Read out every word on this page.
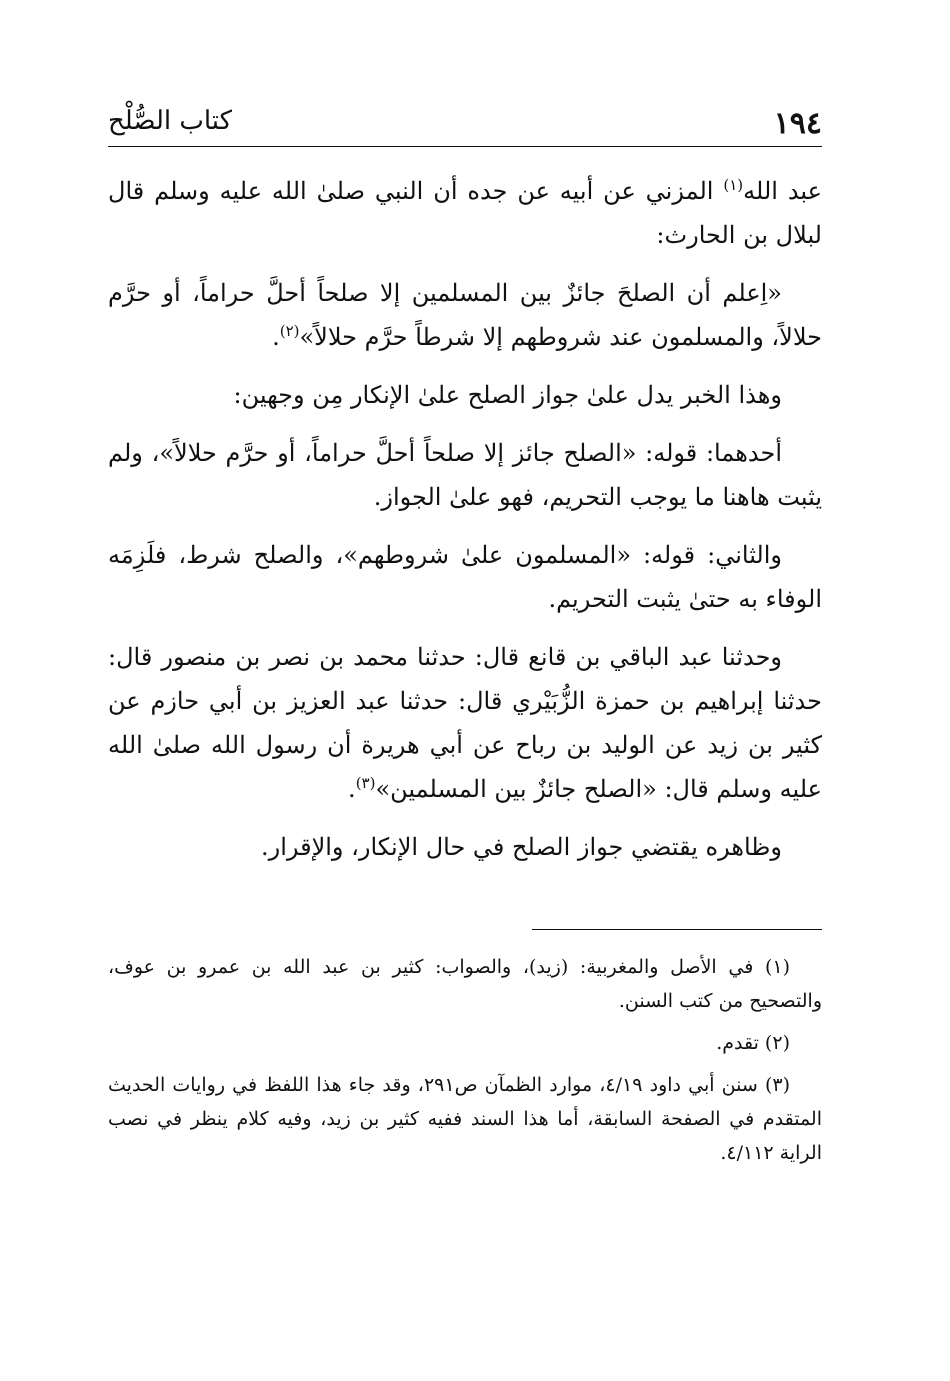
١٩٤
كتاب الصُّلْح

عبد الله$^{(١)}$ المزني عن أبيه عن جده أن النبي صلىٰ الله عليه وسلم قال لبلال بن الحارث:

«اِعلم أن الصلحَ جائزٌ بين المسلمين إلا صلحاً أحلَّ حراماً، أو حرَّم حلالاً، والمسلمون عند شروطهم إلا شرطاً حرَّم حلالاً»$^{(٢)}$.

وهذا الخبر يدل علىٰ جواز الصلح علىٰ الإنكار مِن وجهين:

أحدهما: قوله: «الصلح جائز إلا صلحاً أحلَّ حراماً، أو حرَّم حلالاً»، ولم يثبت هاهنا ما يوجب التحريم، فهو علىٰ الجواز.

والثاني: قوله: «المسلمون علىٰ شروطهم»، والصلح شرط، فلَزِمَه الوفاء به حتىٰ يثبت التحريم.

وحدثنا عبد الباقي بن قانع قال: حدثنا محمد بن نصر بن منصور قال: حدثنا إبراهيم بن حمزة الزُّبَيْري قال: حدثنا عبد العزيز بن أبي حازم عن كثير بن زيد عن الوليد بن رباح عن أبي هريرة أن رسول الله صلىٰ الله عليه وسلم قال: «الصلح جائزٌ بين المسلمين»$^{(٣)}$.

وظاهره يقتضي جواز الصلح في حال الإنكار، والإقرار.

(١) في الأصل والمغربية: (زيد)، والصواب: كثير بن عبد الله بن عمرو بن عوف، والتصحيح من كتب السنن.

(٢) تقدم.

(٣) سنن أبي داود ٤/١٩، موارد الظمآن ص٢٩١، وقد جاء هذا اللفظ في روايات الحديث المتقدم في الصفحة السابقة، أما هذا السند ففيه كثير بن زيد، وفيه كلام ينظر في نصب الراية ٤/١١٢.
